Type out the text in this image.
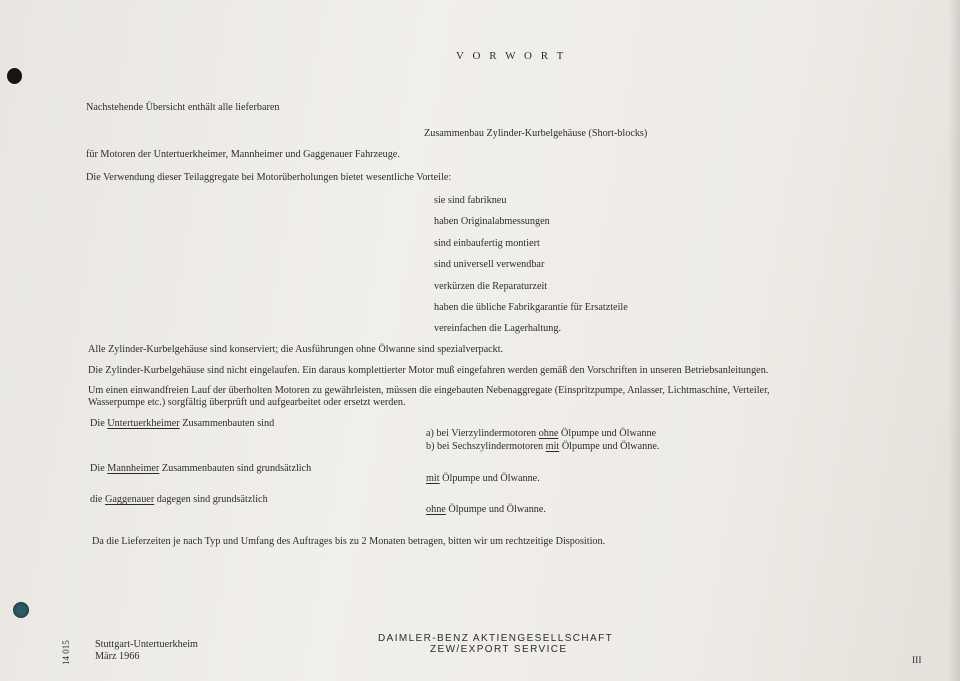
V O R W O R T
Nachstehende Übersicht enthält alle lieferbaren
Zusammenbau Zylinder-Kurbelgehäuse (Short-blocks)
für Motoren der Untertuerkheimer, Mannheimer und Gaggenauer Fahrzeuge.
Die Verwendung dieser Teilaggregate bei Motorüberholungen bietet wesentliche Vorteile:
sie sind fabrikneu
haben Originalabmessungen
sind einbaufertig montiert
sind universell verwendbar
verkürzen die Reparaturzeit
haben die übliche Fabrikgarantie für Ersatzteile
vereinfachen die Lagerhaltung.
Alle Zylinder-Kurbelgehäuse sind konserviert; die Ausführungen ohne Ölwanne sind spezialverpackt.
Die Zylinder-Kurbelgehäuse sind nicht eingelaufen. Ein daraus komplettierter Motor muß eingefahren werden gemäß den Vorschriften in unseren Betriebsanleitungen.
Um einen einwandfreien Lauf der überholten Motoren zu gewährleisten, müssen die eingebauten Nebenaggregate (Einspritzpumpe, Anlasser, Lichtmaschine, Verteiler,
Wasserpumpe etc.) sorgfältig überprüft und aufgearbeitet oder ersetzt werden.
Die Untertuerkheimer Zusammenbauten sind
a) bei Vierzylindermotoren ohne Ölpumpe und Ölwanne
b) bei Sechszylindermotoren mit Ölpumpe und Ölwanne.
Die Mannheimer Zusammenbauten sind grundsätzlich
mit Ölpumpe und Ölwanne.
die Gaggenauer dagegen sind grundsätzlich
ohne Ölpumpe und Ölwanne.
Da die Lieferzeiten je nach Typ und Umfang des Auftrages bis zu 2 Monaten betragen, bitten wir um rechtzeitige Disposition.
14 015 Stuttgart-Untertuerkheim
März 1966
DAIMLER-BENZ AKTIENGESELLSCHAFT
ZEW/EXPORT SERVICE
III
